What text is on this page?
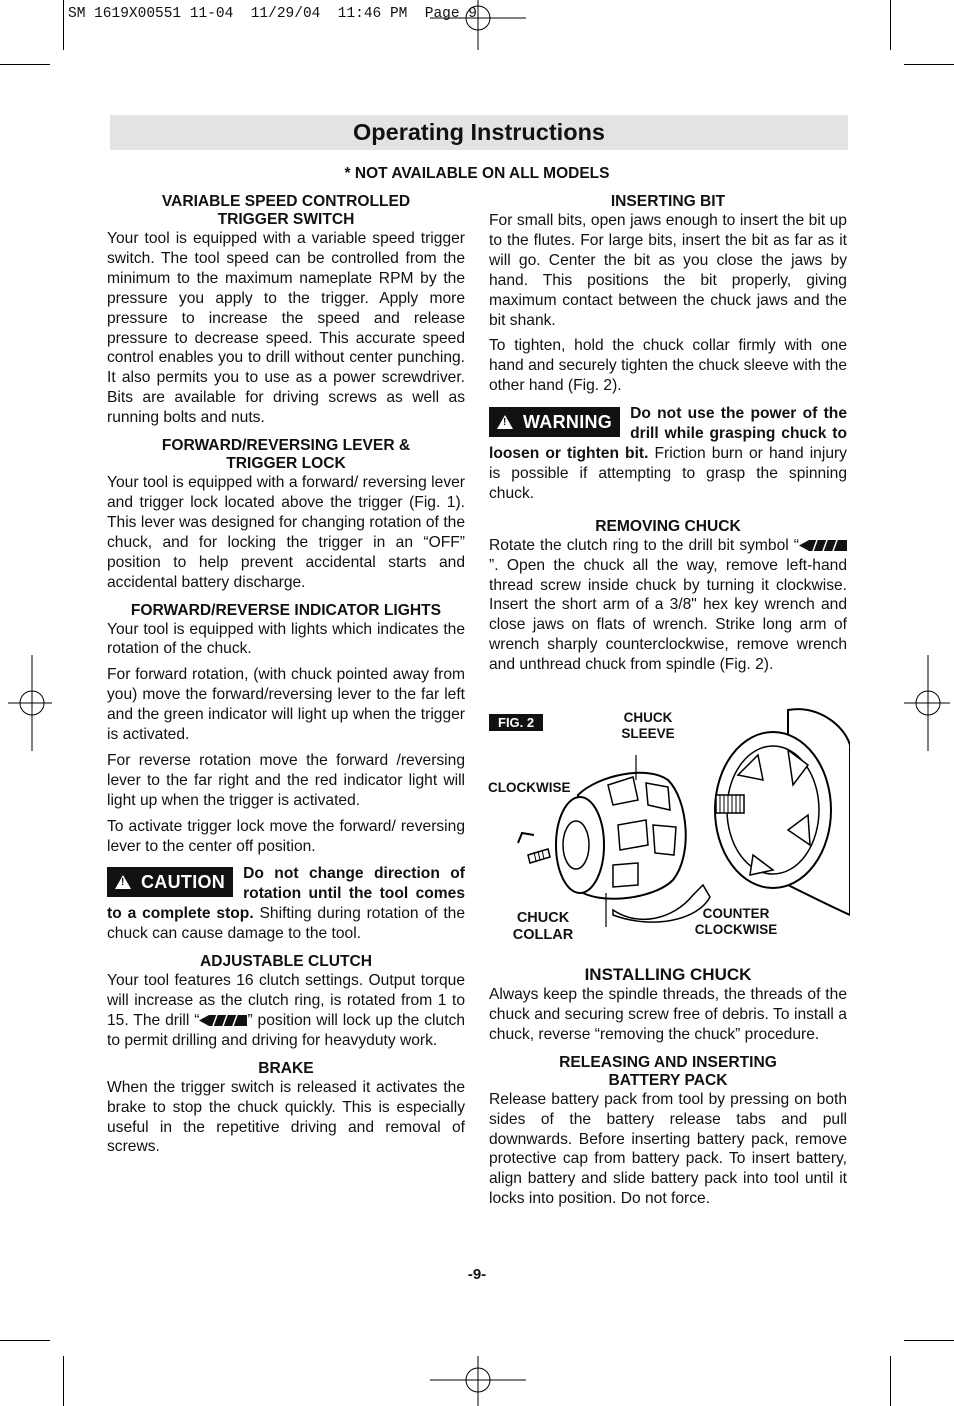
SM 1619X00551 11-04  11/29/04  11:46 PM  Page 9
Operating Instructions
* NOT AVAILABLE ON ALL MODELS
VARIABLE SPEED CONTROLLED
TRIGGER SWITCH

Your tool is equipped with a variable speed trigger switch. The tool speed can be controlled from the minimum to the maximum nameplate RPM by the pressure you apply to the trigger. Apply more pressure to increase the speed and release pressure to decrease speed. This accurate speed control enables you to drill without center punching. It also permits you to use as a power screwdriver. Bits are available for driving screws as well as running bolts and nuts.

FORWARD/REVERSING LEVER &
TRIGGER LOCK

Your tool is equipped with a forward/ reversing lever and trigger lock located above the trigger (Fig. 1). This lever was designed for changing rotation of the chuck, and for locking the trigger in an “OFF” position to help prevent accidental starts and accidental battery discharge.

FORWARD/REVERSE INDICATOR LIGHTS

Your tool is equipped with lights which indicates the rotation of the chuck.

For forward rotation, (with chuck pointed away from you) move the forward/reversing lever to the far left and the green indicator will light up when the trigger is activated.

For reverse rotation move the forward /reversing lever to the far right and the red indicator light will light up when the trigger is activated.

To activate trigger lock move the forward/ reversing lever to the center off position.

!CAUTION	Do not change direction of rotation until the tool comes to a complete stop. Shifting during rotation of the chuck can cause damage to the tool.

ADJUSTABLE CLUTCH

Your tool features 16 clutch settings. Output torque will increase as the clutch ring, is rotated from 1 to 15. The drill “	” position will lock up the clutch to permit drilling and driving for heavyduty work.

BRAKE

When the trigger switch is released it activates the brake to stop the chuck quickly. This is especially useful in the repetitive driving and removal of screws.

INSERTING BIT

For small bits, open jaws enough to insert the bit up to the flutes. For large bits, insert the bit as far as it will go. Center the bit as you close the jaws by hand. This positions the bit properly, giving maximum contact between the chuck jaws and the bit shank.

To tighten, hold the chuck collar firmly with one hand and securely tighten the chuck sleeve with the other hand (Fig. 2).

!WARNING	Do not use the power of the drill while grasping chuck to loosen or tighten bit. Friction burn or hand injury is possible if attempting to grasp the spinning chuck.

REMOVING CHUCK

Rotate the clutch ring to the drill bit symbol “”. Open the chuck all the way, remove left-hand thread screw inside chuck by turning it clockwise. Insert the short arm of a 3/8" hex key wrench and close jaws on flats of wrench. Strike long arm of wrench sharply counterclockwise, remove wrench and unthread chuck from spindle (Fig. 2).

FIG. 2	CHUCK
SLEEVE
CLOCKWISE
CHUCK
COLLAR
COUNTER
CLOCKWISE
INSTALLING CHUCK

Always keep the spindle threads, the threads of the chuck and securing screw free of debris. To install a chuck, reverse “removing the chuck” procedure.

RELEASING AND INSERTING
BATTERY PACK

Release battery pack from tool by pressing on both sides of the battery release tabs and pull downwards. Before inserting battery pack, remove protective cap from battery pack. To insert battery, align battery and slide battery pack into tool until it locks into position. Do not force.

-9-
